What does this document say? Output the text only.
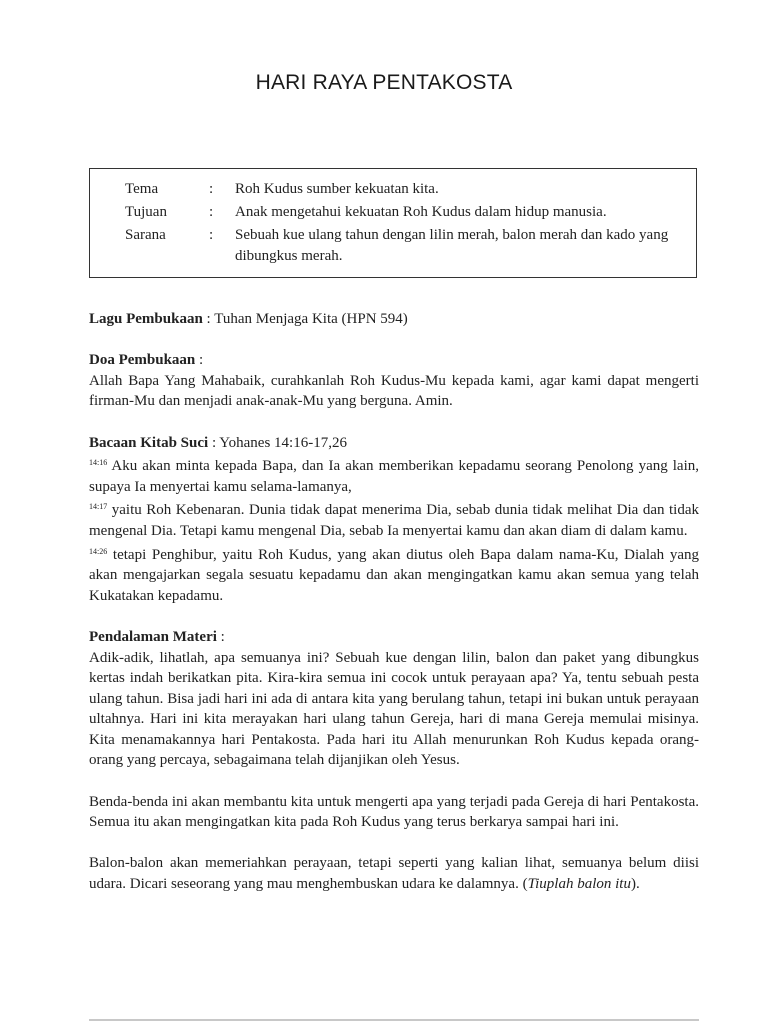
HARI RAYA PENTAKOSTA
Tema	: Roh Kudus sumber kekuatan kita.
Tujuan	: Anak mengetahui kekuatan Roh Kudus dalam hidup manusia.
Sarana	: Sebuah kue ulang tahun dengan lilin merah, balon merah dan kado yang dibungkus merah.

Lagu Pembukaan : Tuhan Menjaga Kita (HPN 594)

Doa Pembukaan :

Allah Bapa Yang Mahabaik, curahkanlah Roh Kudus-Mu kepada kami, agar kami dapat mengerti firman-Mu dan menjadi anak-anak-Mu yang berguna. Amin.

Bacaan Kitab Suci : Yohanes 14:16-17,26

$^{14:16}$ Aku akan minta kepada Bapa, dan Ia akan memberikan kepadamu seorang Penolong yang lain, supaya Ia menyertai kamu selama-lamanya,

$^{14:17}$ yaitu Roh Kebenaran. Dunia tidak dapat menerima Dia, sebab dunia tidak melihat Dia dan tidak mengenal Dia. Tetapi kamu mengenal Dia, sebab Ia menyertai kamu dan akan diam di dalam kamu.

$^{14:26}$ tetapi Penghibur, yaitu Roh Kudus, yang akan diutus oleh Bapa dalam nama-Ku, Dialah yang akan mengajarkan segala sesuatu kepadamu dan akan mengingatkan kamu akan semua yang telah Kukatakan kepadamu.

Pendalaman Materi :

Adik-adik, lihatlah, apa semuanya ini? Sebuah kue dengan lilin, balon dan paket yang dibungkus kertas indah berikatkan pita. Kira-kira semua ini cocok untuk perayaan apa? Ya, tentu sebuah pesta ulang tahun. Bisa jadi hari ini ada di antara kita yang berulang tahun, tetapi ini bukan untuk perayaan ultahnya. Hari ini kita merayakan hari ulang tahun Gereja, hari di mana Gereja memulai misinya. Kita menamakannya hari Pentakosta. Pada hari itu Allah menurunkan Roh Kudus kepada orang-orang yang percaya, sebagaimana telah dijanjikan oleh Yesus.

Benda-benda ini akan membantu kita untuk mengerti apa yang terjadi pada Gereja di hari Pentakosta. Semua itu akan mengingatkan kita pada Roh Kudus yang terus berkarya sampai hari ini.

Balon-balon akan memeriahkan perayaan, tetapi seperti yang kalian lihat, semuanya belum diisi udara. Dicari seseorang yang mau menghembuskan udara ke dalamnya. (Tiuplah balon itu).
